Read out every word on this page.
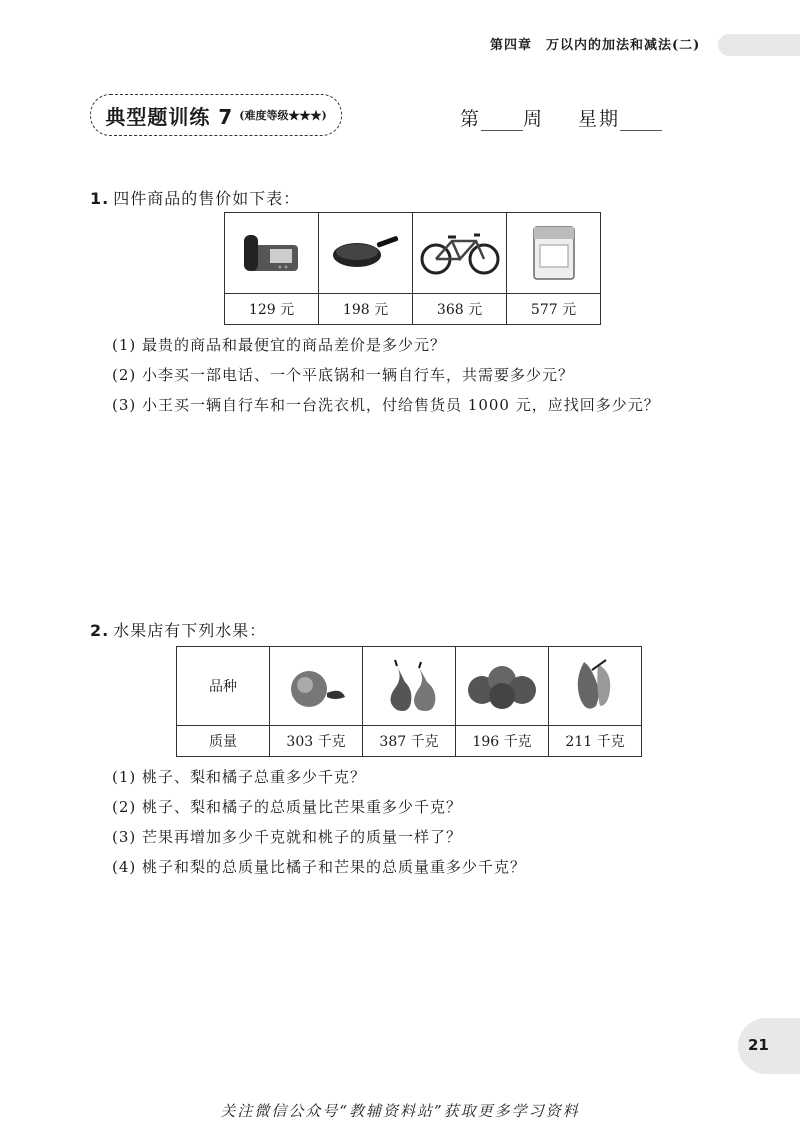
第四章　万以内的加法和减法(二)
典型题训练 7 (难度等级★★★)	第 周 星期
1. 四件商品的售价如下表：

129 元	198 元	368 元	577 元
(1) 最贵的商品和最便宜的商品差价是多少元？
(2) 小李买一部电话、一个平底锅和一辆自行车，共需要多少元？
(3) 小王买一辆自行车和一台洗衣机，付给售货员 1000 元，应找回多少元？
2. 水果店有下列水果：
品种	

质量	303 千克	387 千克	196 千克	211 千克
(1) 桃子、梨和橘子总重多少千克？
(2) 桃子、梨和橘子的总质量比芒果重多少千克？
(3) 芒果再增加多少千克就和桃子的质量一样了？
(4) 桃子和梨的总质量比橘子和芒果的总质量重多少千克？
21
关注微信公众号“教辅资料站”获取更多学习资料
